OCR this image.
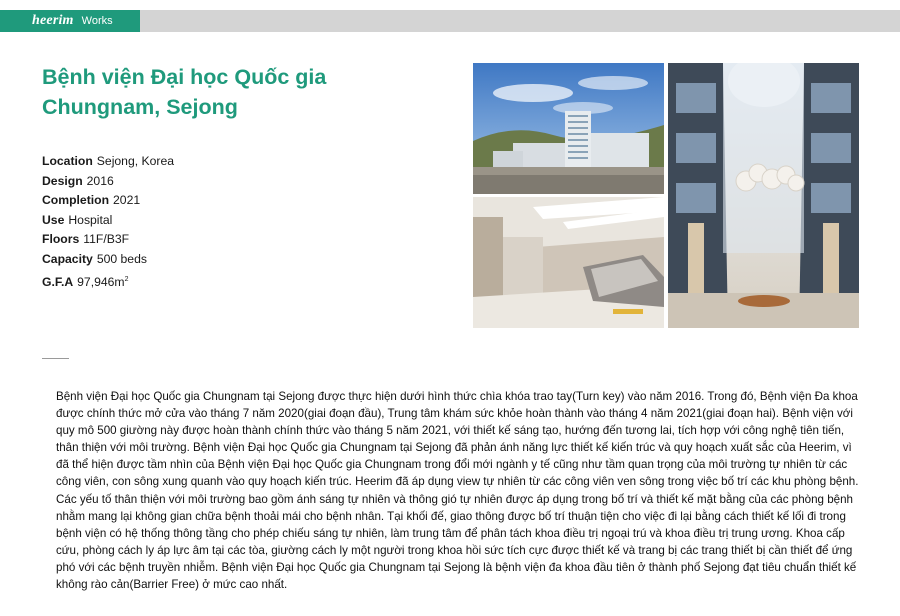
heerim Works
Bệnh viện Đại học Quốc gia
Chungnam, Sejong
Location Sejong, Korea
Design 2016
Completion 2021
Use Hospital
Floors 11F/B3F
Capacity 500 beds
G.F.A $97,946m^2$

Bệnh viện Đại học Quốc gia Chungnam tại Sejong được thực hiện dưới hình thức chìa khóa trao tay(Turn key) vào năm 2016. Trong đó, Bệnh viện Đa khoa được chính thức mở cửa vào tháng 7 năm 2020(giai đoạn đầu), Trung tâm khám sức khỏe hoàn thành vào tháng 4 năm 2021(giai đoạn hai). Bệnh viện với quy mô 500 giường này được hoàn thành chính thức vào tháng 5 năm 2021, với thiết kế sáng tạo, hướng đến tương lai, tích hợp với công nghệ tiên tiến, thân thiện với môi trường. Bệnh viện Đại học Quốc gia Chungnam tại Sejong đã phản ánh năng lực thiết kế kiến trúc và quy hoạch xuất sắc của Heerim, vì đã thể hiện được tầm nhìn của Bệnh viện Đại học Quốc gia Chungnam trong đổi mới ngành y tế cũng như tầm quan trọng của môi trường tự nhiên từ các công viên, con sông xung quanh vào quy hoạch kiến trúc. Heerim đã áp dụng view tự nhiên từ các công viên ven sông trong việc bố trí các khu phòng bệnh. Các yếu tố thân thiện với môi trường bao gồm ánh sáng tự nhiên và thông gió tự nhiên được áp dụng trong bố trí và thiết kế mặt bằng của các phòng bệnh nhằm mang lại không gian chữa bệnh thoải mái cho bệnh nhân. Tại khối đế, giao thông được bố trí thuận tiện cho việc đi lại bằng cách thiết kế lối đi trong bệnh viện có hệ thống thông tầng cho phép chiếu sáng tự nhiên, làm trung tâm để phân tách khoa điều trị ngoại trú và khoa điều trị trung ương. Khoa cấp cứu, phòng cách ly áp lực âm tại các tòa, giường cách ly một người trong khoa hồi sức tích cực được thiết kế và trang bị các trang thiết bị cần thiết để ứng phó với các bệnh truyền nhiễm. Bệnh viện Đại học Quốc gia Chungnam tại Sejong là bệnh viện đa khoa đầu tiên ở thành phố Sejong đạt tiêu chuẩn thiết kế không rào cản(Barrier Free) ở mức cao nhất.
